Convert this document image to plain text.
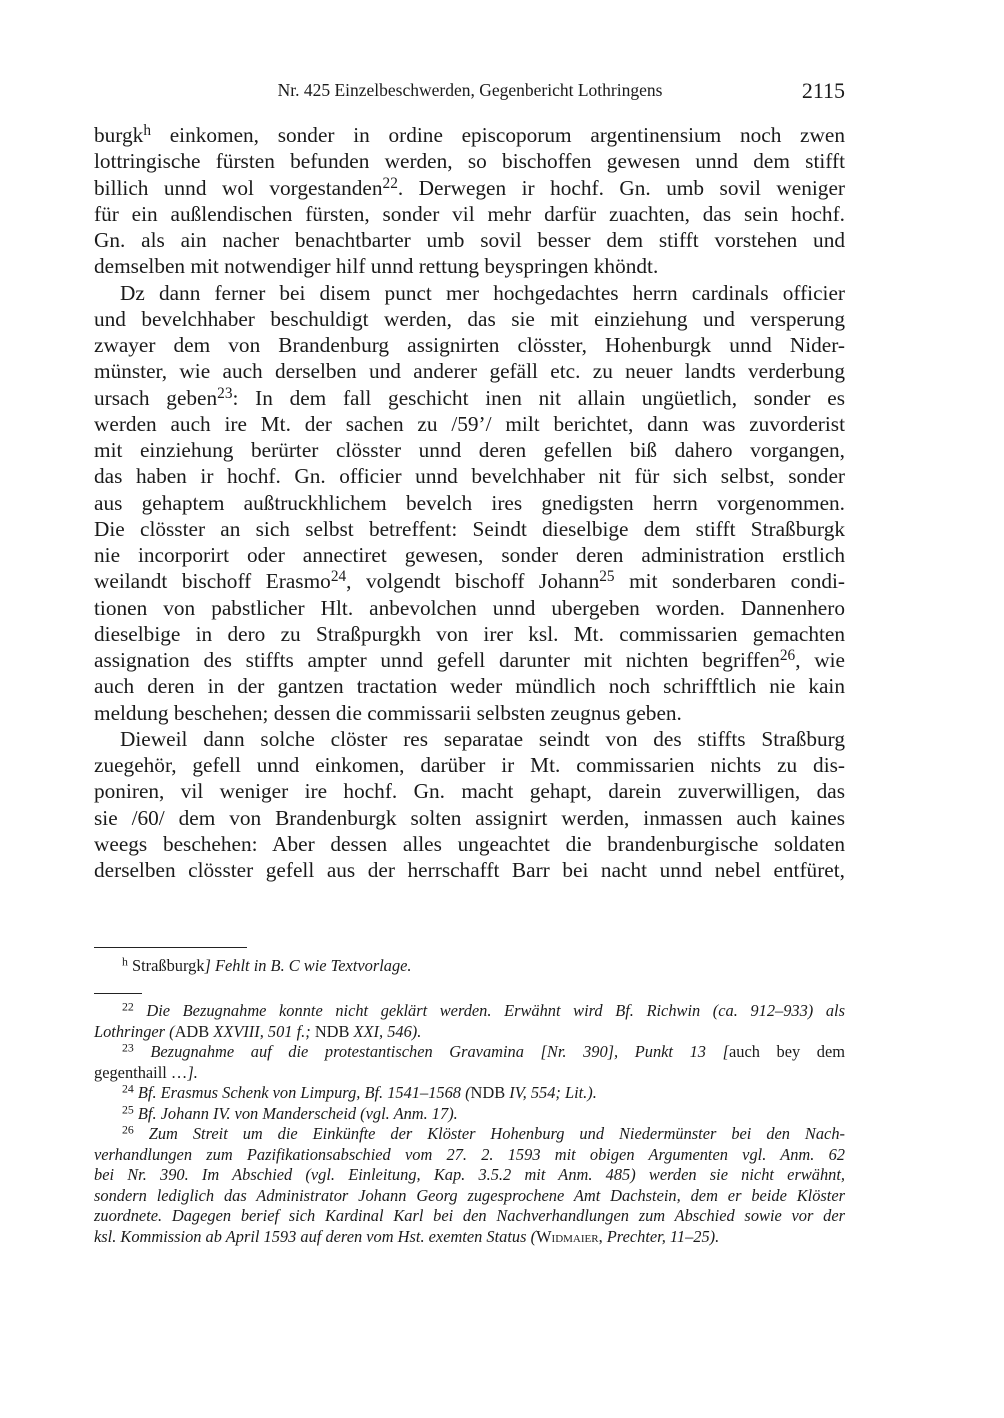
Nr. 425 Einzelbeschwerden, Gegenbericht Lothringens	2115
burgk$^h$ einkomen, sonder in ordine episcoporum argentinensium noch zwen
lottringische fürsten befunden werden, so bischoffen gewesen unnd dem stifft
billich unnd wol vorgestanden$^{22}$. Derwegen ir hochf. Gn. umb sovil weniger
für ein außlendischen fürsten, sonder vil mehr darfür zuachten, das sein hochf.
Gn. als ain nacher benachtbarter umb sovil besser dem stifft vorstehen und
demselben mit notwendiger hilf unnd rettung beyspringen khöndt.
Dz dann ferner bei disem punct mer hochgedachtes herrn cardinals officier
und bevelchhaber beschuldigt werden, das sie mit einziehung und versperung
zwayer dem von Brandenburg assignirten clösster, Hohenburgk unnd Nider-
münster, wie auch derselben und anderer gefäll etc. zu neuer landts verderbung
ursach geben$^{23}$: In dem fall geschicht inen nit allain ungüetlich, sonder es
werden auch ire Mt. der sachen zu /59’/ milt berichtet, dann was zuvorderist
mit einziehung berürter clösster unnd deren gefellen biß dahero vorgangen,
das haben ir hochf. Gn. officier unnd bevelchhaber nit für sich selbst, sonder
aus gehaptem außtruckhlichem bevelch ires gnedigsten herrn vorgenommen.
Die clösster an sich selbst betreffent: Seindt dieselbige dem stifft Straßburgk
nie incorporirt oder annectiret gewesen, sonder deren administration erstlich
weilandt bischoff Erasmo$^{24}$, volgendt bischoff Johann$^{25}$ mit sonderbaren condi-
tionen von pabstlicher Hlt. anbevolchen unnd ubergeben worden. Dannenhero
dieselbige in dero zu Straßpurgkh von irer ksl. Mt. commissarien gemachten
assignation des stiffts ampter unnd gefell darunter mit nichten begriffen$^{26}$, wie
auch deren in der gantzen tractation weder mündlich noch schrifftlich nie kain
meldung beschehen; dessen die commissarii selbsten zeugnus geben.
Dieweil dann solche clöster res separatae seindt von des stiffts Straßburg
zuegehör, gefell unnd einkomen, darüber ir Mt. commissarien nichts zu dis-
poniren, vil weniger ire hochf. Gn. macht gehapt, darein zuverwilligen, das
sie /60/ dem von Brandenburgk solten assignirt werden, inmassen auch kaines
weegs beschehen: Aber dessen alles ungeachtet die brandenburgische soldaten
derselben clösster gefell aus der herrschafft Barr bei nacht unnd nebel entfüret,
$^h$ Straßburgk] Fehlt in B. C wie Textvorlage.
$^{22}$ Die Bezugnahme konnte nicht geklärt werden. Erwähnt wird Bf. Richwin (ca. 912–933) als
Lothringer (ADB XXVIII, 501 f.; NDB XXI, 546).
$^{23}$ Bezugnahme auf die protestantischen Gravamina [Nr. 390], Punkt 13 [auch bey dem
gegenthaill …].
$^{24}$ Bf. Erasmus Schenk von Limpurg, Bf. 1541–1568 (NDB IV, 554; Lit.).
$^{25}$ Bf. Johann IV. von Manderscheid (vgl. Anm. 17).
$^{26}$ Zum Streit um die Einkünfte der Klöster Hohenburg und Niedermünster bei den Nach-
verhandlungen zum Pazifikationsabschied vom 27. 2. 1593 mit obigen Argumenten vgl. Anm. 62
bei Nr. 390. Im Abschied (vgl. Einleitung, Kap. 3.5.2 mit Anm. 485) werden sie nicht erwähnt,
sondern lediglich das Administrator Johann Georg zugesprochene Amt Dachstein, dem er beide Klöster
zuordnete. Dagegen berief sich Kardinal Karl bei den Nachverhandlungen zum Abschied sowie vor der
ksl. Kommission ab April 1593 auf deren vom Hst. exemten Status (Widmaier, Prechter, 11–25).
